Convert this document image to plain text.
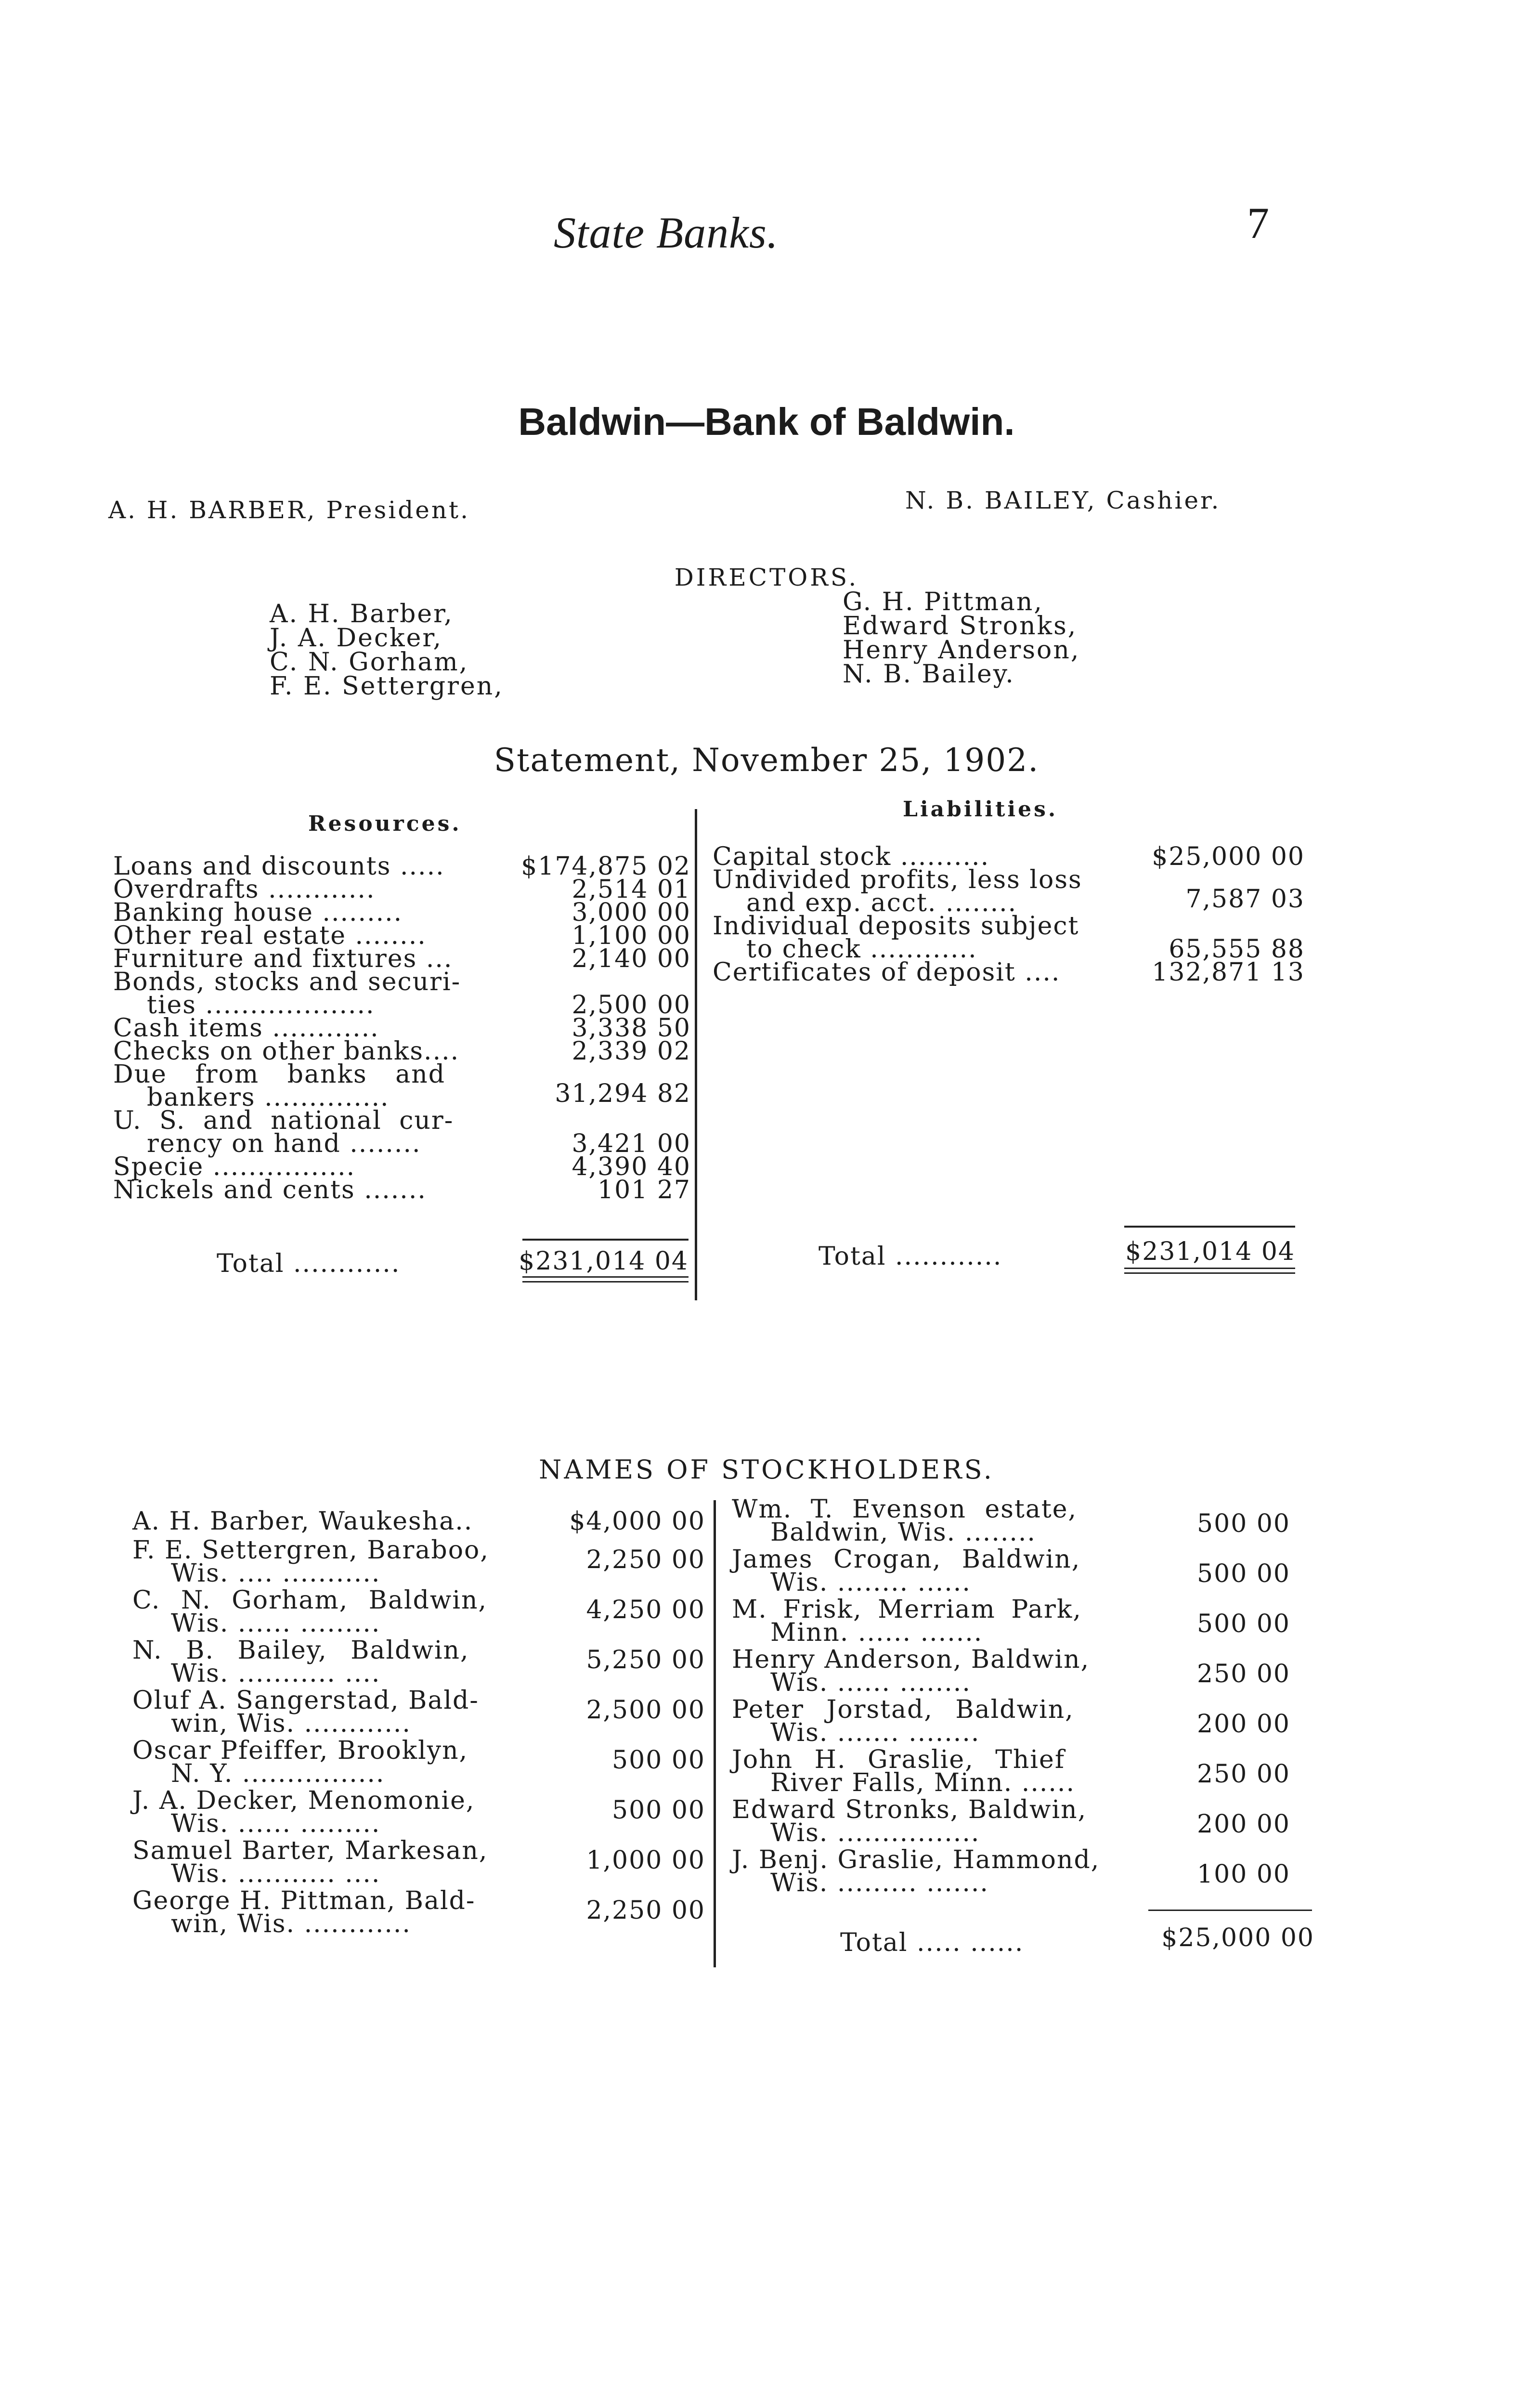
State Banks.	7
Baldwin—Bank of Baldwin.
A. H. BARBER, President.	N. B. BAILEY, Cashier.
DIRECTORS.
A. H. Barber,
J. A. Decker,
C. N. Gorham,
F. E. Settergren,
G. H. Pittman,
Edward Stronks,
Henry Anderson,
N. B. Bailey.
Statement, November 25, 1902.
Resources.
Liabilities.
Loans and discounts .....	$174,875 02
Overdrafts ............	2,514 01
Banking house .........	3,000 00
Other real estate ........	1,100 00
Furniture and fixtures ...	2,140 00
Bonds, stocks and securi-
ties ...................	2,500 00
Cash items ............	3,338 50
Checks on other banks....	2,339 02
Due from banks and
bankers ..............	31,294 82
U. S. and national cur-
rency on hand ........	3,421 00
Specie ................	4,390 40
Nickels and cents .......	101 27
Total ............	$231,014 04
Capital stock ..........	$25,000 00
Undivided profits, less loss
and exp. acct. ........	7,587 03
Individual deposits subject
to check ............	65,555 88
Certificates of deposit ....	132,871 13
Total ............	$231,014 04
NAMES OF STOCKHOLDERS.
A. H. Barber, Waukesha..	$4,000 00
F. E. Settergren, Baraboo,
Wis. .... ...........	2,250 00
C. N. Gorham, Baldwin,
Wis. ...... .........	4,250 00
N. B. Bailey, Baldwin,
Wis. ........... ....	5,250 00
Oluf A. Sangerstad, Bald-
win, Wis. ............	2,500 00
Oscar Pfeiffer, Brooklyn,
N. Y. ................	500 00
J. A. Decker, Menomonie,
Wis. ...... .........	500 00
Samuel Barter, Markesan,
Wis. ........... ....	1,000 00
George H. Pittman, Bald-
win, Wis. ............	2,250 00
Wm. T. Evenson estate,
Baldwin, Wis. ........	500 00
James Crogan, Baldwin,
Wis. ........ ......	500 00
M. Frisk, Merriam Park,
Minn. ...... .......	500 00
Henry Anderson, Baldwin,
Wis. ...... ........	250 00
Peter Jorstad, Baldwin,
Wis. ....... ........	200 00
John H. Graslie, Thief
River Falls, Minn. ......	250 00
Edward Stronks, Baldwin,
Wis. ................	200 00
J. Benj. Graslie, Hammond,
Wis. ......... .......	100 00
Total ..... ......	$25,000 00
